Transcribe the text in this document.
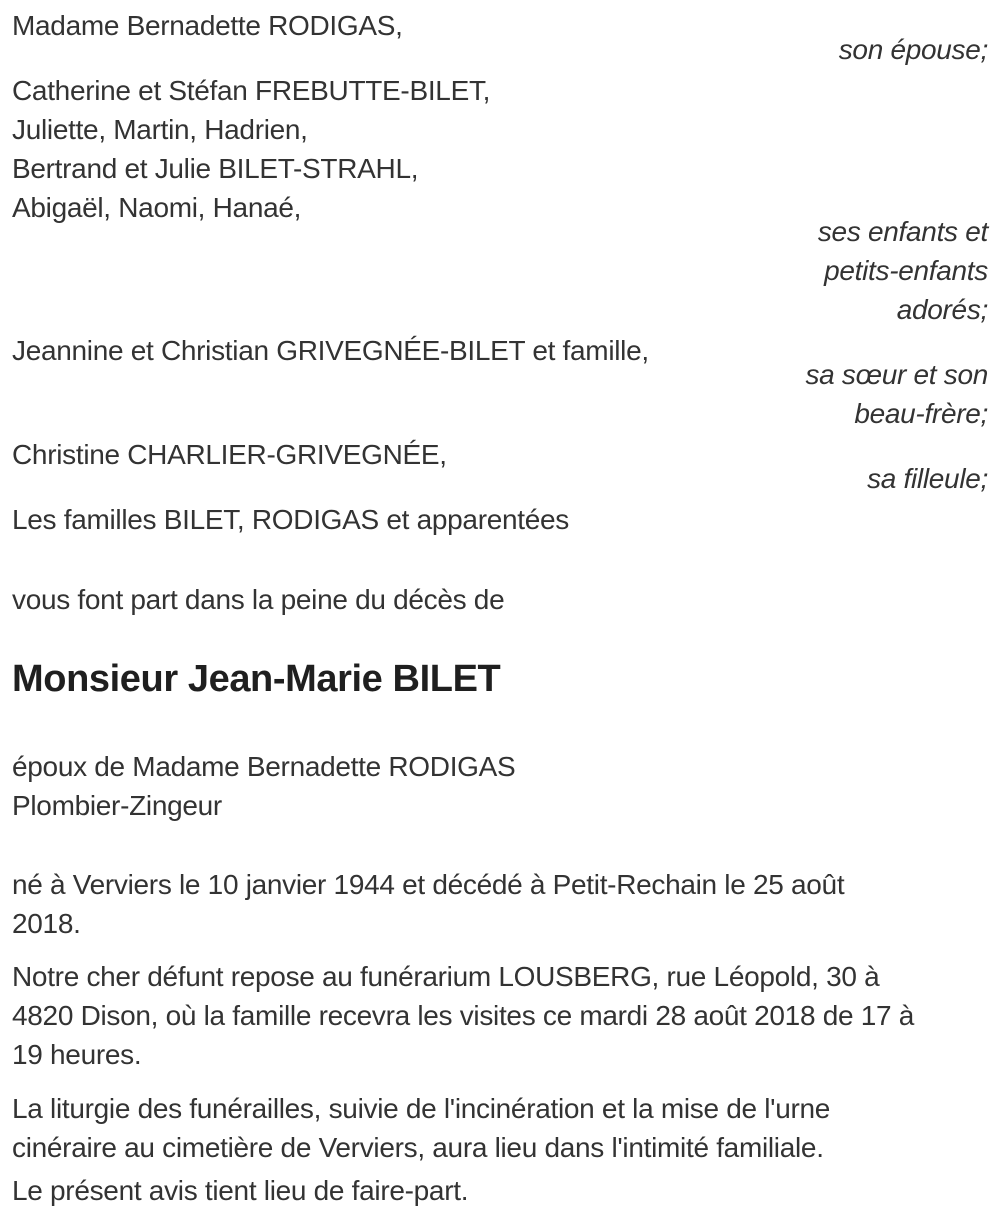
Madame Bernadette RODIGAS,

son épouse;

Catherine et Stéfan FREBUTTE-BILET,
Juliette, Martin, Hadrien,
Bertrand et Julie BILET-STRAHL,
Abigaël, Naomi, Hanaé,

ses enfants et
petits-enfants
adorés;

Jeannine et Christian GRIVEGNÉE-BILET et famille,

sa sœur et son
beau-frère;

Christine CHARLIER-GRIVEGNÉE,

sa filleule;

Les familles BILET, RODIGAS et apparentées

vous font part dans la peine du décès de

Monsieur Jean-Marie BILET

époux de Madame Bernadette RODIGAS
Plombier-Zingeur

né à Verviers le 10 janvier 1944 et décédé à Petit-Rechain le 25 août
2018.

Notre cher défunt repose au funérarium LOUSBERG, rue Léopold, 30 à
4820 Dison, où la famille recevra les visites ce mardi 28 août 2018 de 17 à
19 heures.

La liturgie des funérailles, suivie de l'incinération et la mise de l'urne
cinéraire au cimetière de Verviers, aura lieu dans l'intimité familiale.

Le présent avis tient lieu de faire-part.
